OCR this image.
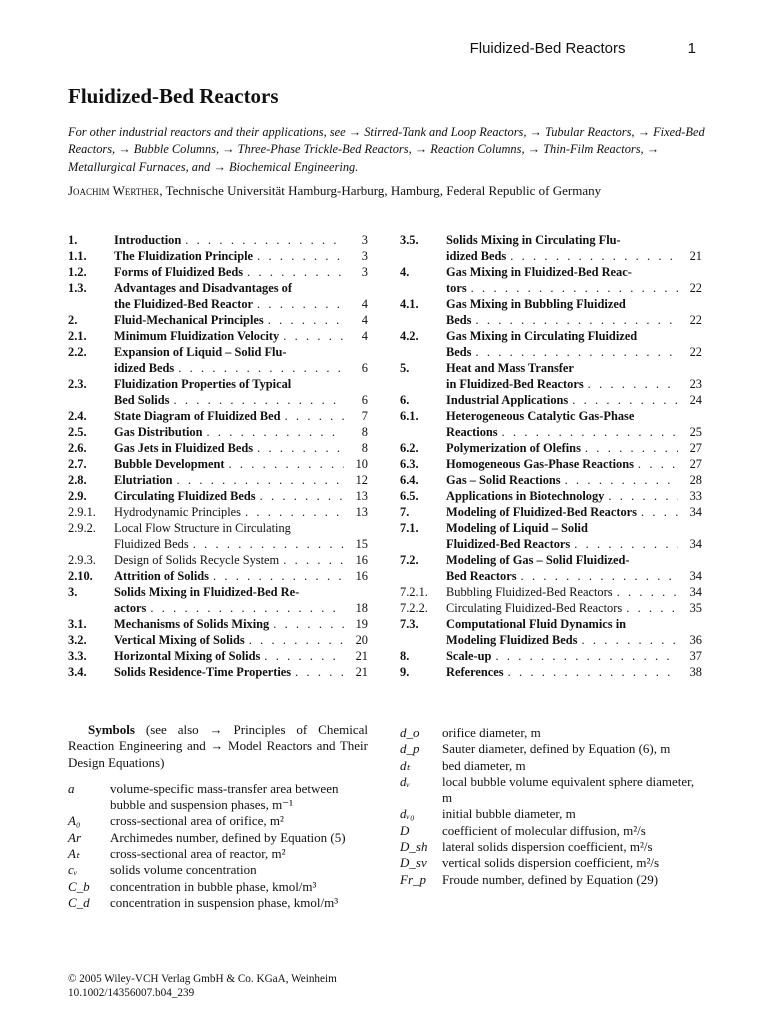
Fluidized-Bed Reactors	1
Fluidized-Bed Reactors

For other industrial reactors and their applications, see → Stirred-Tank and Loop Reactors, → Tubular Reactors, → Fixed-Bed Reactors, → Bubble Columns, → Three-Phase Trickle-Bed Reactors, → Reaction Columns, → Thin-Film Reactors, → Metallurgical Furnaces, and → Biochemical Engineering.

Joachim Werther, Technische Universität Hamburg-Harburg, Hamburg, Federal Republic of Germany

1.	Introduction . . .	3
1.1.	The Fluidization Principle . . .	3
1.2.	Forms of Fluidized Beds . . .	3
1.3.	Advantages and Disadvantages of
the Fluidized-Bed Reactor . . .	4
2.	Fluid-Mechanical Principles . . .	4
2.1.	Minimum Fluidization Velocity . . .	4
2.2.	Expansion of Liquid – Solid Flu-
idized Beds . . .	6
2.3.	Fluidization Properties of Typical
Bed Solids . . .	6
2.4.	State Diagram of Fluidized Bed . . .	7
2.5.	Gas Distribution . . .	8
2.6.	Gas Jets in Fluidized Beds . . .	8
2.7.	Bubble Development . . .	10
2.8.	Elutriation . . .	12
2.9.	Circulating Fluidized Beds . . .	13
2.9.1.	Hydrodynamic Principles . . .	13
2.9.2.	Local Flow Structure in Circulating
Fluidized Beds . . .	15
2.9.3.	Design of Solids Recycle System . . .	16
2.10.	Attrition of Solids . . .	16
3.	Solids Mixing in Fluidized-Bed Re-
actors . . .	18
3.1.	Mechanisms of Solids Mixing . . .	19
3.2.	Vertical Mixing of Solids . . .	20
3.3.	Horizontal Mixing of Solids . . .	21
3.4.	Solids Residence-Time Properties . . .	21
3.5.	Solids Mixing in Circulating Flu-
idized Beds . . .	21
4.	Gas Mixing in Fluidized-Bed Reac-
tors . . .	22
4.1.	Gas Mixing in Bubbling Fluidized
Beds . . .	22
4.2.	Gas Mixing in Circulating Fluidized
Beds . . .	22
5.	Heat and Mass Transfer
in Fluidized-Bed Reactors . . .	23
6.	Industrial Applications . . .	24
6.1.	Heterogeneous Catalytic Gas-Phase
Reactions . . .	25
6.2.	Polymerization of Olefins . . .	27
6.3.	Homogeneous Gas-Phase Reactions . . .	27
6.4.	Gas – Solid Reactions . . .	28
6.5.	Applications in Biotechnology . . .	33
7.	Modeling of Fluidized-Bed Reactors . . .	34
7.1.	Modeling of Liquid – Solid
Fluidized-Bed Reactors . . .	34
7.2.	Modeling of Gas – Solid Fluidized-
Bed Reactors . . .	34
7.2.1.	Bubbling Fluidized-Bed Reactors . . .	34
7.2.2.	Circulating Fluidized-Bed Reactors . . .	35
7.3.	Computational Fluid Dynamics in
Modeling Fluidized Beds . . .	36
8.	Scale-up . . .	37
9.	References . . .	38

Symbols (see also → Principles of Chemical Reaction Engineering and → Model Reactors and Their Design Equations)

a	volume-specific mass-transfer area between bubble and suspension phases, m⁻¹
A₀	cross-sectional area of orifice, m²
Ar	Archimedes number, defined by Equation (5)
Aₜ	cross-sectional area of reactor, m²
cᵥ	solids volume concentration
C_b	concentration in bubble phase, kmol/m³
C_d	concentration in suspension phase, kmol/m³
d_o	orifice diameter, m
d_p	Sauter diameter, defined by Equation (6), m
dₜ	bed diameter, m
dᵥ	local bubble volume equivalent sphere diameter, m
dᵥ₀	initial bubble diameter, m
D	coefficient of molecular diffusion, m²/s
D_sh	lateral solids dispersion coefficient, m²/s
D_sv	vertical solids dispersion coefficient, m²/s
Fr_p	Froude number, defined by Equation (29)
© 2005 Wiley-VCH Verlag GmbH & Co. KGaA, Weinheim
10.1002/14356007.b04_239
